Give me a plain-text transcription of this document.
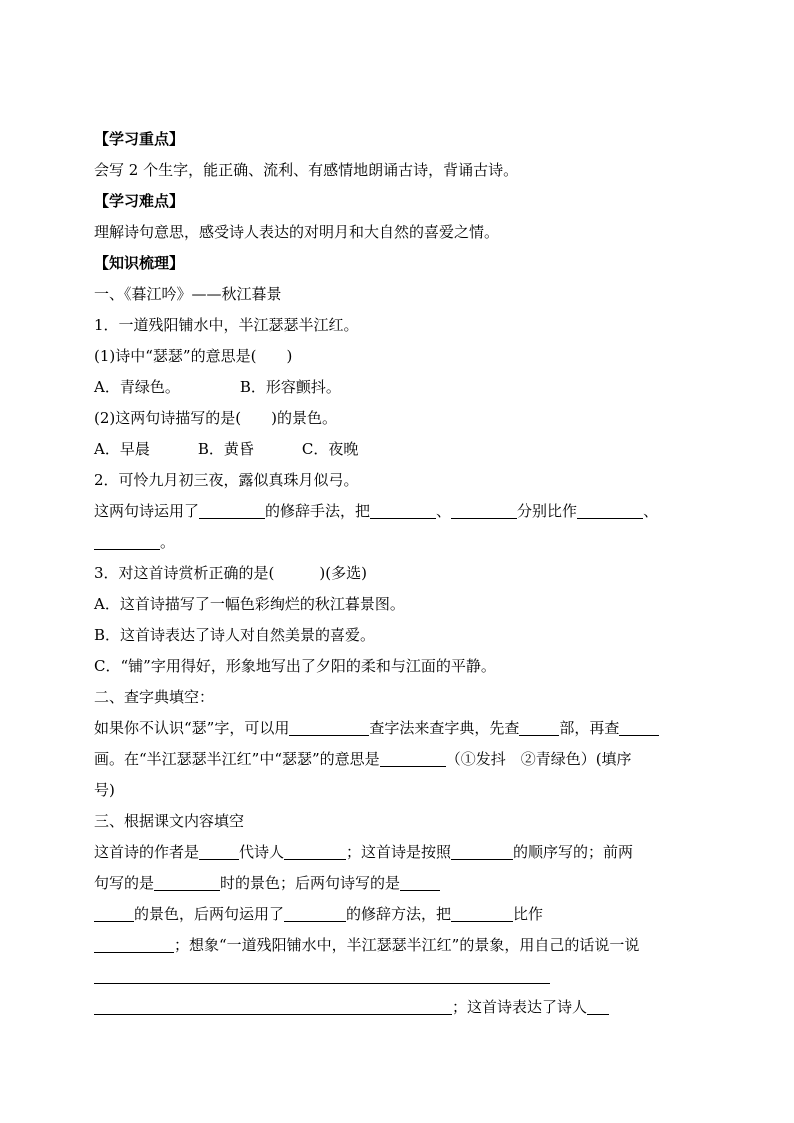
【学习重点】
会写 2 个生字，能正确、流利、有感情地朗诵古诗，背诵古诗。
【学习难点】
理解诗句意思，感受诗人表达的对明月和大自然的喜爱之情。
【知识梳理】
一、《暮江吟》——秋江暮景
1．一道残阳铺水中，半江瑟瑟半江红。
(1)诗中“瑟瑟”的意思是(　　)
A．青绿色。	B．形容颤抖。
(2)这两句诗描写的是(　　)的景色。
A．早晨	B．黄昏	C．夜晚
2．可怜九月初三夜，露似真珠月似弓。
这两句诗运用了	的修辞手法，把	、	分别比作	、
。
3．对这首诗赏析正确的是(　　　)(多选)
A．这首诗描写了一幅色彩绚烂的秋江暮景图。
B．这首诗表达了诗人对自然美景的喜爱。
C．“铺”字用得好，形象地写出了夕阳的柔和与江面的平静。
二、查字典填空：
如果你不认识“瑟”字，可以用	查字法来查字典，先查	部，再查
画。在“半江瑟瑟半江红”中“瑟瑟”的意思是	（①发抖　②青绿色）(填序
号)
三、根据课文内容填空
这首诗的作者是	代诗人	；这首诗是按照	的顺序写的；前两
句写的是	时的景色；后两句诗写的是
的景色，后两句运用了	的修辞方法，把	比作
；想象“一道残阳铺水中，半江瑟瑟半江红”的景象，用自己的话说一说
；这首诗表达了诗人
